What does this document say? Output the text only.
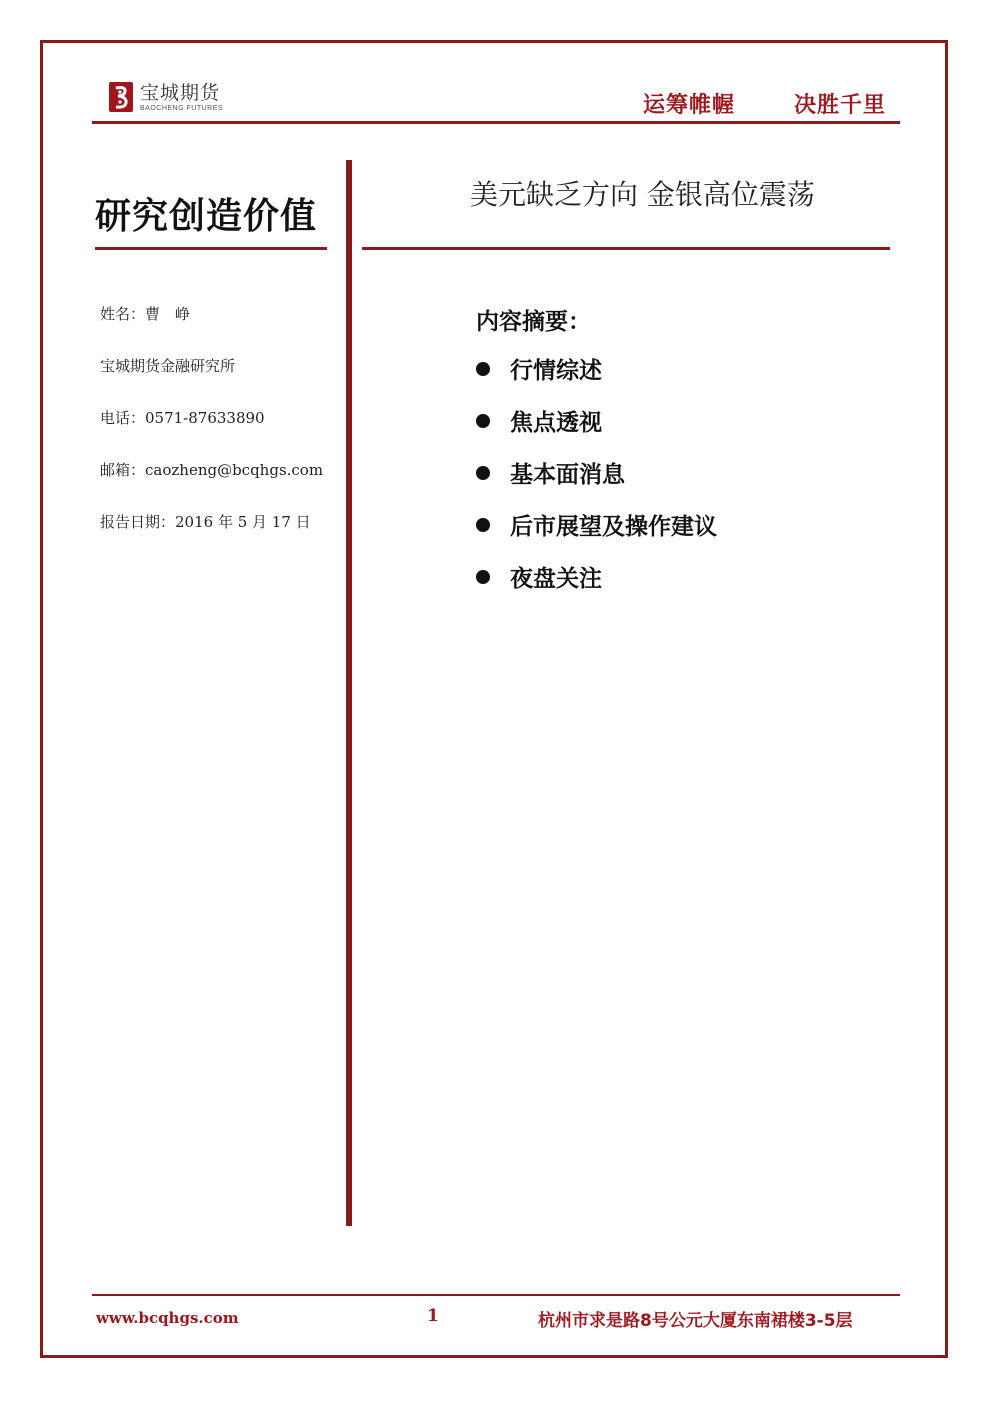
宝城期货
BAOCHENG FUTURES	运筹帷幄	决胜千里
研究创造价值
美元缺乏方向 金银高位震荡
姓名：曹　峥
宝城期货金融研究所
电话：0571-87633890
邮箱：caozheng@bcqhgs.com
报告日期：2016 年 5 月 17 日
内容摘要：
行情综述
焦点透视
基本面消息
后市展望及操作建议
夜盘关注
www.bcqhgs.com	1	杭州市求是路8号公元大厦东南裙楼3-5层
